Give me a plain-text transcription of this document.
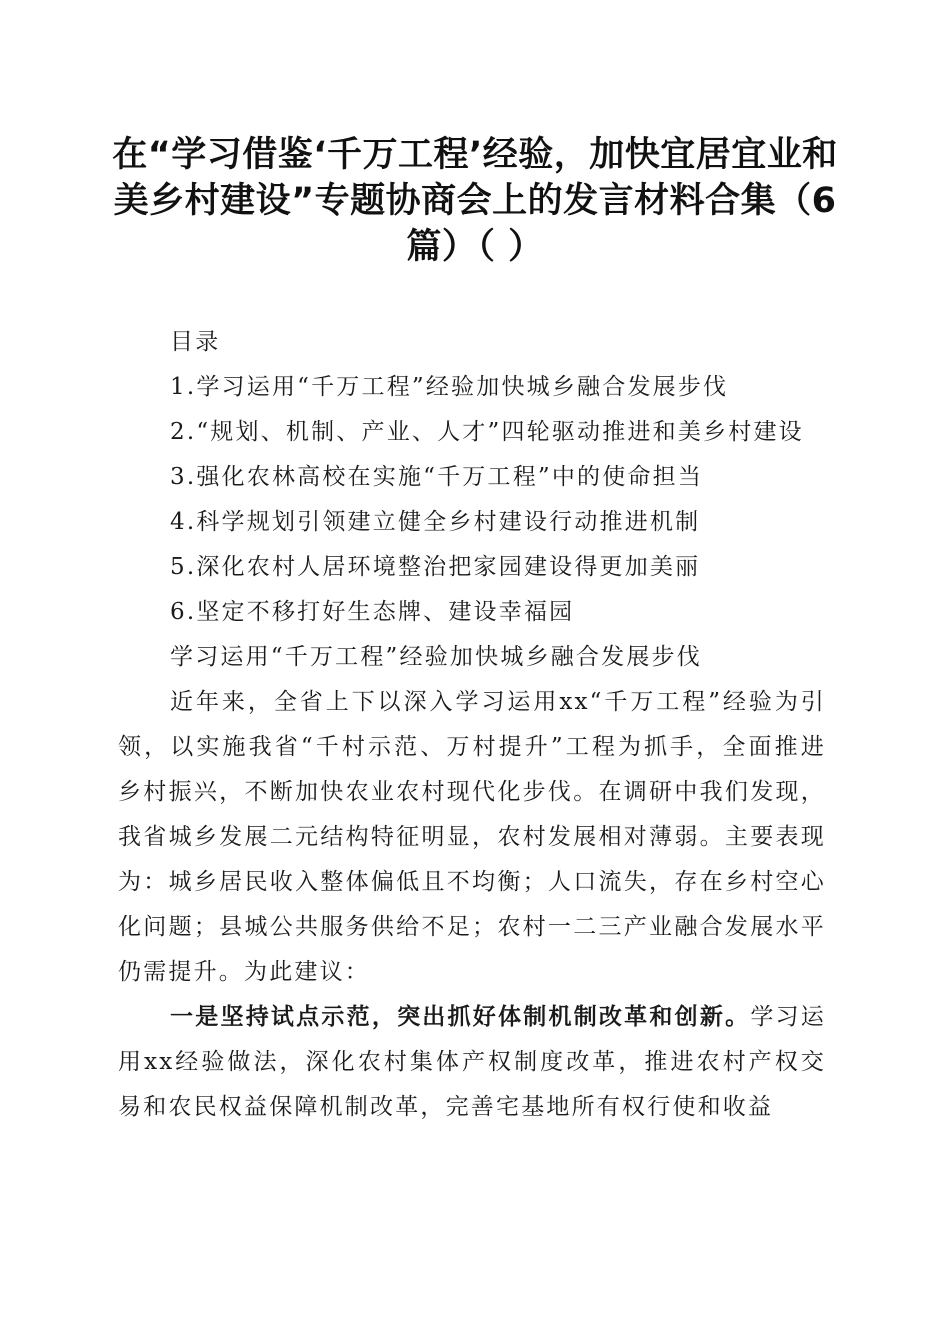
在“学习借鉴‘千万工程’经验，加快宜居宜业和美乡村建设”专题协商会上的发言材料合集（6篇）（ ）

目录

1.学习运用“千万工程”经验加快城乡融合发展步伐

2.“规划、机制、产业、人才”四轮驱动推进和美乡村建设

3.强化农林高校在实施“千万工程”中的使命担当

4.科学规划引领建立健全乡村建设行动推进机制

5.深化农村人居环境整治把家园建设得更加美丽

6.坚定不移打好生态牌、建设幸福园

学习运用“千万工程”经验加快城乡融合发展步伐

近年来，全省上下以深入学习运用xx“千万工程”经验为引领，以实施我省“千村示范、万村提升”工程为抓手，全面推进乡村振兴，不断加快农业农村现代化步伐。在调研中我们发现，我省城乡发展二元结构特征明显，农村发展相对薄弱。主要表现为：城乡居民收入整体偏低且不均衡；人口流失，存在乡村空心化问题；县城公共服务供给不足；农村一二三产业融合发展水平仍需提升。为此建议：

一是坚持试点示范，突出抓好体制机制改革和创新。学习运用xx经验做法，深化农村集体产权制度改革，推进农村产权交易和农民权益保障机制改革，完善宅基地所有权行使和收益
